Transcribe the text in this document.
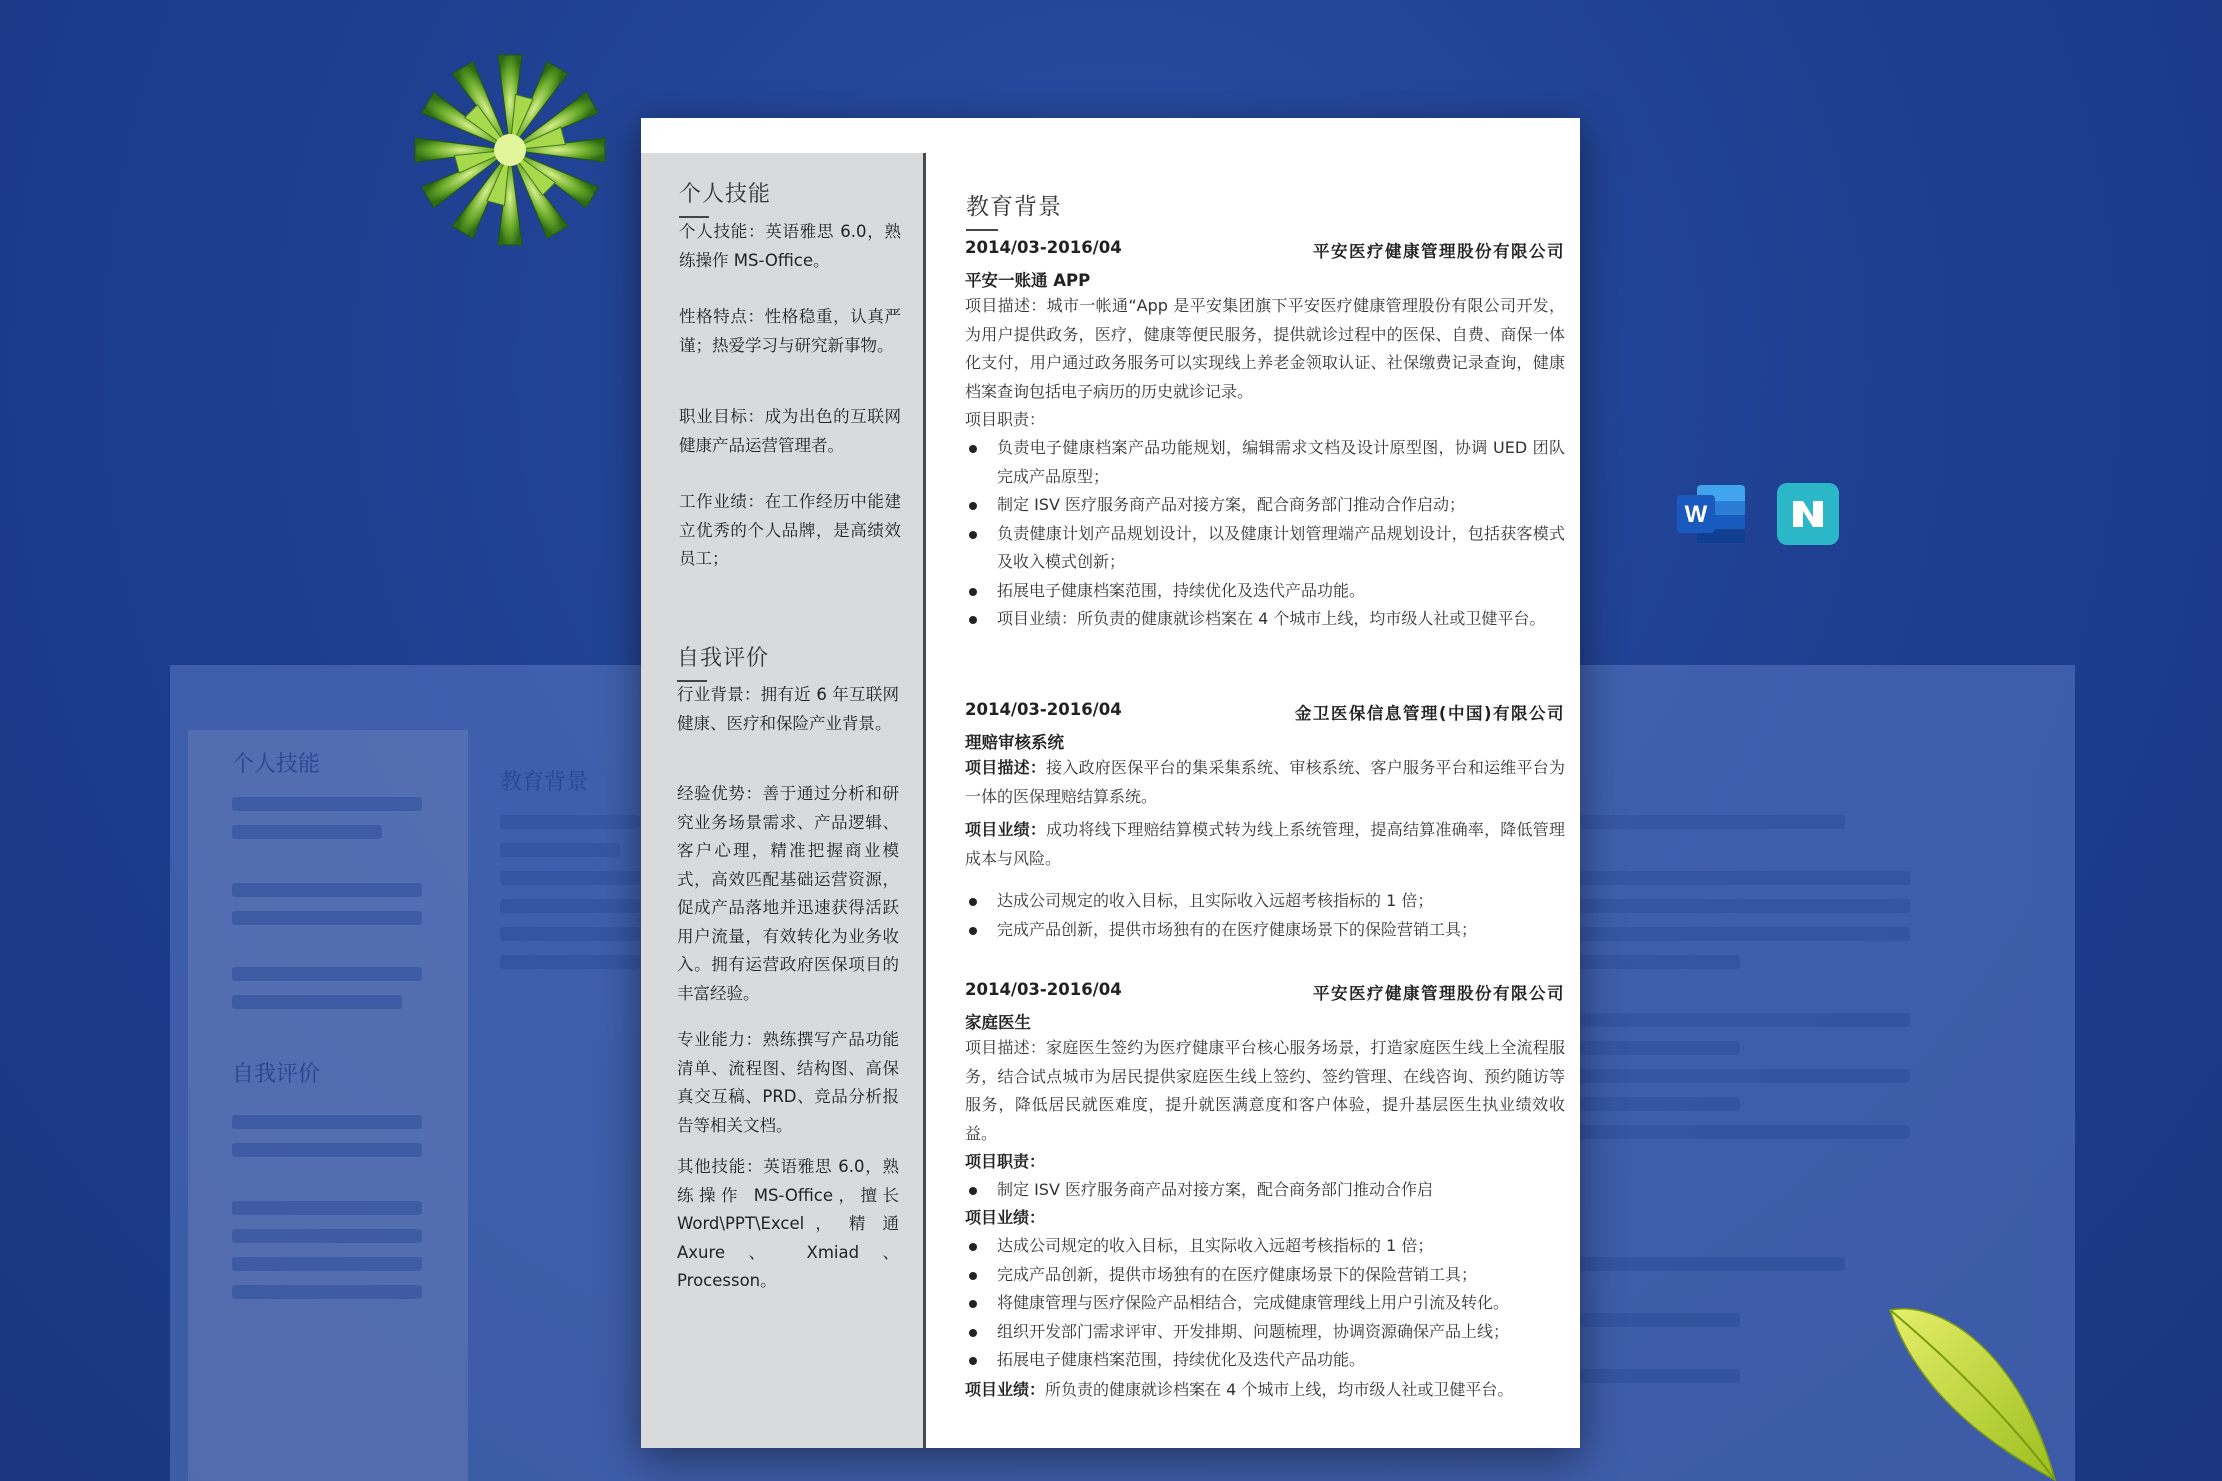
个人技能
自我评价
教育背景
W
个人技能
个人技能：英语雅思 6.0，熟练操作 MS-Office。
性格特点：性格稳重，认真严谨；热爱学习与研究新事物。
职业目标：成为出色的互联网健康产品运营管理者。
工作业绩：在工作经历中能建立优秀的个人品牌，是高绩效员工；
自我评价
行业背景：拥有近 6 年互联网健康、医疗和保险产业背景。
经验优势：善于通过分析和研究业务场景需求、产品逻辑、客户心理，精准把握商业模式，高效匹配基础运营资源，促成产品落地并迅速获得活跃用户流量，有效转化为业务收入。拥有运营政府医保项目的丰富经验。
专业能力：熟练撰写产品功能清单、流程图、结构图、高保真交互稿、PRD、竞品分析报告等相关文档。
其他技能：英语雅思 6.0，熟练操作 MS-Office，擅长 Word\PPT\Excel ， 精 通 Axure 、 Xmiad 、 Processon。
教育背景
2014/03-2016/04	平安医疗健康管理股份有限公司
平安一账通 APP
项目描述：城市一帐通“App 是平安集团旗下平安医疗健康管理股份有限公司开发，为用户提供政务，医疗，健康等便民服务，提供就诊过程中的医保、自费、商保一体化支付，用户通过政务服务可以实现线上养老金领取认证、社保缴费记录查询，健康档案查询包括电子病历的历史就诊记录。
项目职责：
负责电子健康档案产品功能规划，编辑需求文档及设计原型图，协调 UED 团队完成产品原型；
制定 ISV 医疗服务商产品对接方案，配合商务部门推动合作启动；
负责健康计划产品规划设计，以及健康计划管理端产品规划设计，包括获客模式及收入模式创新；
拓展电子健康档案范围，持续优化及迭代产品功能。
项目业绩：所负责的健康就诊档案在 4 个城市上线，均市级人社或卫健平台。
2014/03-2016/04	金卫医保信息管理(中国)有限公司
理赔审核系统
项目描述：接入政府医保平台的集采集系统、审核系统、客户服务平台和运维平台为一体的医保理赔结算系统。
项目业绩：成功将线下理赔结算模式转为线上系统管理，提高结算准确率，降低管理成本与风险。
达成公司规定的收入目标，且实际收入远超考核指标的 1 倍；
完成产品创新，提供市场独有的在医疗健康场景下的保险营销工具；
2014/03-2016/04	平安医疗健康管理股份有限公司
家庭医生
项目描述：家庭医生签约为医疗健康平台核心服务场景，打造家庭医生线上全流程服务，结合试点城市为居民提供家庭医生线上签约、签约管理、在线咨询、预约随访等服务，降低居民就医难度，提升就医满意度和客户体验，提升基层医生执业绩效收益。
项目职责：
制定 ISV 医疗服务商产品对接方案，配合商务部门推动合作启
项目业绩：
达成公司规定的收入目标，且实际收入远超考核指标的 1 倍；
完成产品创新，提供市场独有的在医疗健康场景下的保险营销工具；
将健康管理与医疗保险产品相结合，完成健康管理线上用户引流及转化。
组织开发部门需求评审、开发排期、问题梳理，协调资源确保产品上线；
拓展电子健康档案范围，持续优化及迭代产品功能。
项目业绩：所负责的健康就诊档案在 4 个城市上线，均市级人社或卫健平台。
